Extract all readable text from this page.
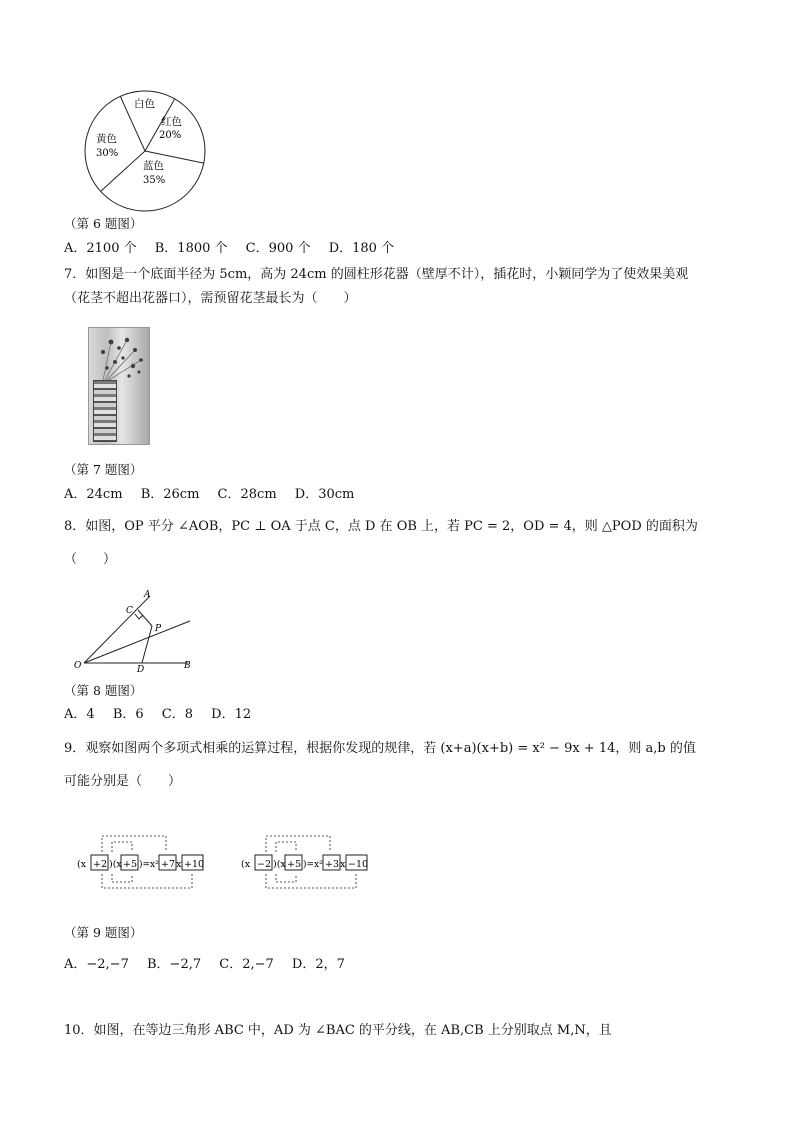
白色
红色
20%
黄色
30%
蓝色
35%
（第 6 题图）
A．2100 个 B．1800 个 C．900 个 D．180 个
7．如图是一个底面半径为 5cm，高为 24cm 的圆柱形花器（壁厚不计），插花时，小颖同学为了使效果美观
（花茎不超出花器口），需预留花茎最长为（　　）
（第 7 题图）
A．24cm B．26cm C．28cm D．30cm
8．如图，OP 平分 ∠AOB，PC ⊥ OA 于点 C，点 D 在 OB 上，若 PC = 2，OD = 4，则 △POD 的面积为
（　　）
A
C
P
O	D	B
（第 8 题图）
A．4 B．6 C．8 D．12
9．观察如图两个多项式相乘的运算过程，根据你发现的规律，若 (x+a)(x+b) = x² − 9x + 14，则 a,b 的值
可能分别是（　　）
(x +2 )(x +5 )=x² +7 x +10	(x −2 )(x +5 )=x² +3 x −10
（第 9 题图）
A．−2,−7 B．−2,7 C．2,−7 D．2，7
10．如图，在等边三角形 ABC 中，AD 为 ∠BAC 的平分线，在 AB,CB 上分别取点 M,N，且
